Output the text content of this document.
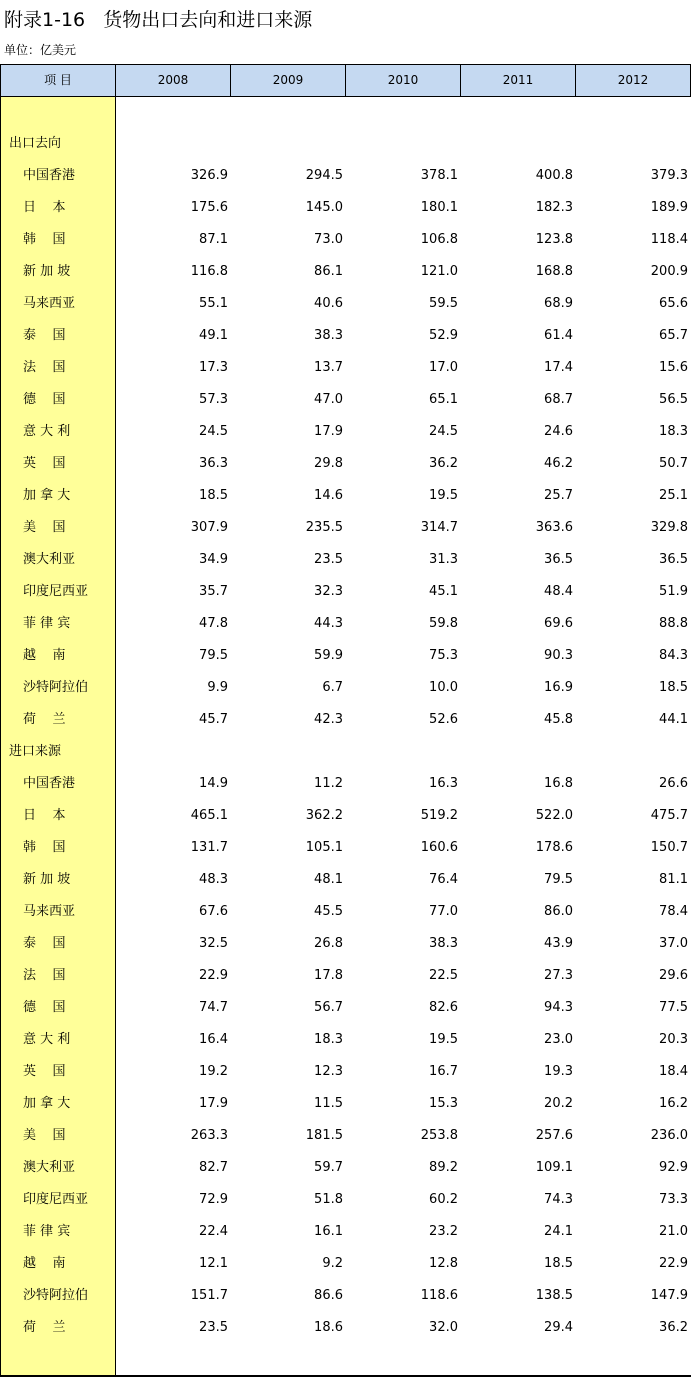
附录1-16   货物出口去向和进口来源
单位：亿美元
项 目	2008	2009	2010	2011	2012
出口去向
中国香港	326.9	294.5	378.1	400.8	379.3
日    本	175.6	145.0	180.1	182.3	189.9
韩    国	87.1	73.0	106.8	123.8	118.4
新 加 坡	116.8	86.1	121.0	168.8	200.9
马来西亚	55.1	40.6	59.5	68.9	65.6
泰    国	49.1	38.3	52.9	61.4	65.7
法    国	17.3	13.7	17.0	17.4	15.6
德    国	57.3	47.0	65.1	68.7	56.5
意 大 利	24.5	17.9	24.5	24.6	18.3
英    国	36.3	29.8	36.2	46.2	50.7
加 拿 大	18.5	14.6	19.5	25.7	25.1
美    国	307.9	235.5	314.7	363.6	329.8
澳大利亚	34.9	23.5	31.3	36.5	36.5
印度尼西亚	35.7	32.3	45.1	48.4	51.9
菲 律 宾	47.8	44.3	59.8	69.6	88.8
越    南	79.5	59.9	75.3	90.3	84.3
沙特阿拉伯	9.9	6.7	10.0	16.9	18.5
荷    兰	45.7	42.3	52.6	45.8	44.1
进口来源
中国香港	14.9	11.2	16.3	16.8	26.6
日    本	465.1	362.2	519.2	522.0	475.7
韩    国	131.7	105.1	160.6	178.6	150.7
新 加 坡	48.3	48.1	76.4	79.5	81.1
马来西亚	67.6	45.5	77.0	86.0	78.4
泰    国	32.5	26.8	38.3	43.9	37.0
法    国	22.9	17.8	22.5	27.3	29.6
德    国	74.7	56.7	82.6	94.3	77.5
意 大 利	16.4	18.3	19.5	23.0	20.3
英    国	19.2	12.3	16.7	19.3	18.4
加 拿 大	17.9	11.5	15.3	20.2	16.2
美    国	263.3	181.5	253.8	257.6	236.0
澳大利亚	82.7	59.7	89.2	109.1	92.9
印度尼西亚	72.9	51.8	60.2	74.3	73.3
菲 律 宾	22.4	16.1	23.2	24.1	21.0
越    南	12.1	9.2	12.8	18.5	22.9
沙特阿拉伯	151.7	86.6	118.6	138.5	147.9
荷    兰	23.5	18.6	32.0	29.4	36.2
